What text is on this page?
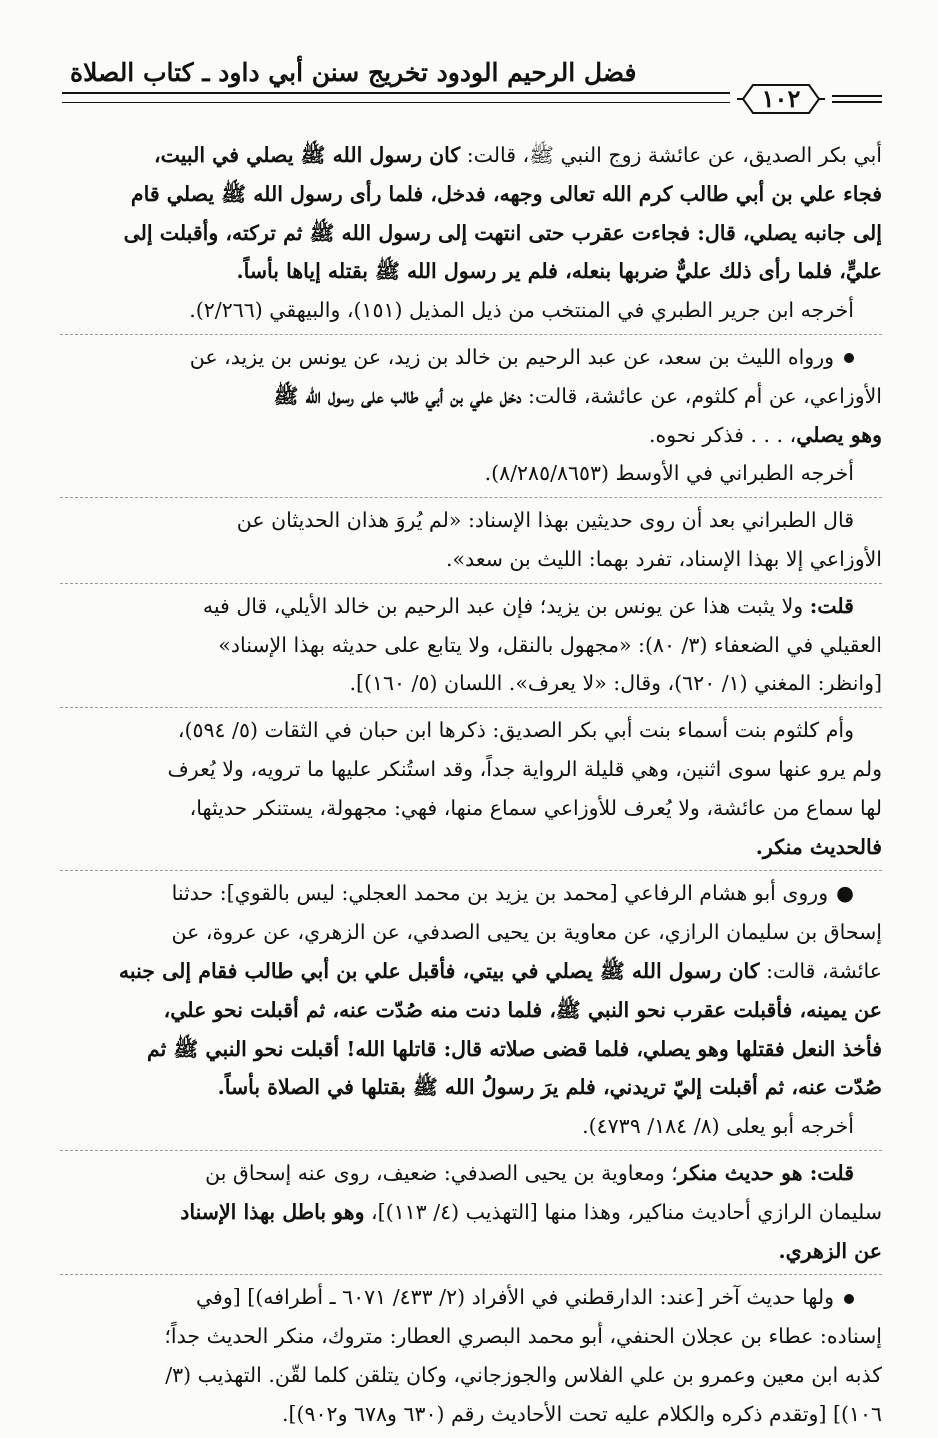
فضل الرحيم الودود تخريج سنن أبي داود ـ كتاب الصلاة
١٠٢
أبي بكر الصديق، عن عائشة زوج النبي ﷺ، قالت: كان رسول الله ﷺ يصلي في البيت،
فجاء علي بن أبي طالب كرم الله تعالى وجهه، فدخل، فلما رأى رسول الله ﷺ يصلي قام
إلى جانبه يصلي، قال: فجاءت عقرب حتى انتهت إلى رسول الله ﷺ ثم تركته، وأقبلت إلى
عليٍّ، فلما رأى ذلك عليٌّ ضربها بنعله، فلم ير رسول الله ﷺ بقتله إياها بأساً.
أخرجه ابن جرير الطبري في المنتخب من ذيل المذيل (١٥١)، والبيهقي (٢/٢٦٦).
ورواه الليث بن سعد، عن عبد الرحيم بن خالد بن زيد، عن يونس بن يزيد، عن
الأوزاعي، عن أم كلثوم، عن عائشة، قالت: دخل علي بن أبي طالب على رسول الله ﷺ
وهو يصلي، . . . فذكر نحوه.
أخرجه الطبراني في الأوسط (٨/٢٨٥/٨٦٥٣).
قال الطبراني بعد أن روى حديثين بهذا الإسناد: «لم يُروَ هذان الحديثان عن
الأوزاعي إلا بهذا الإسناد، تفرد بهما: الليث بن سعد».
قلت: ولا يثبت هذا عن يونس بن يزيد؛ فإن عبد الرحيم بن خالد الأيلي، قال فيه
العقيلي في الضعفاء (٣/ ٨٠): «مجهول بالنقل، ولا يتابع على حديثه بهذا الإسناد»
[وانظر: المغني (١/ ٦٢٠)، وقال: «لا يعرف». اللسان (٥/ ١٦٠)].
وأم كلثوم بنت أسماء بنت أبي بكر الصديق: ذكرها ابن حبان في الثقات (٥/ ٥٩٤)،
ولم يرو عنها سوى اثنين، وهي قليلة الرواية جداً، وقد استُنكر عليها ما ترويه، ولا يُعرف
لها سماع من عائشة، ولا يُعرف للأوزاعي سماع منها، فهي: مجهولة، يستنكر حديثها،
فالحديث منكر.
●وروى أبو هشام الرفاعي [محمد بن يزيد بن محمد العجلي: ليس بالقوي]: حدثنا
إسحاق بن سليمان الرازي، عن معاوية بن يحيى الصدفي، عن الزهري، عن عروة، عن
عائشة، قالت: كان رسول الله ﷺ يصلي في بيتي، فأقبل علي بن أبي طالب فقام إلى جنبه
عن يمينه، فأقبلت عقرب نحو النبي ﷺ، فلما دنت منه صُدّت عنه، ثم أقبلت نحو علي،
فأخذ النعل فقتلها وهو يصلي، فلما قضى صلاته قال: قاتلها الله! أقبلت نحو النبي ﷺ ثم
صُدّت عنه، ثم أقبلت إليّ تريدني، فلم يرَ رسولُ الله ﷺ بقتلها في الصلاة بأساً.
أخرجه أبو يعلى (٨/ ١٨٤/ ٤٧٣٩).
قلت: هو حديث منكر؛ ومعاوية بن يحيى الصدفي: ضعيف، روى عنه إسحاق بن
سليمان الرازي أحاديث مناكير، وهذا منها [التهذيب (٤/ ١١٣)]، وهو باطل بهذا الإسناد
عن الزهري.
ولها حديث آخر [عند: الدارقطني في الأفراد (٢/ ٤٣٣/ ٦٠٧١ ـ أطرافه)] [وفي
إسناده: عطاء بن عجلان الحنفي، أبو محمد البصري العطار: متروك، منكر الحديث جداً؛
كذبه ابن معين وعمرو بن علي الفلاس والجوزجاني، وكان يتلقن كلما لقّن. التهذيب (٣/
١٠٦)] [وتقدم ذكره والكلام عليه تحت الأحاديث رقم (٦٣٠ و٦٧٨ و٩٠٢)].
